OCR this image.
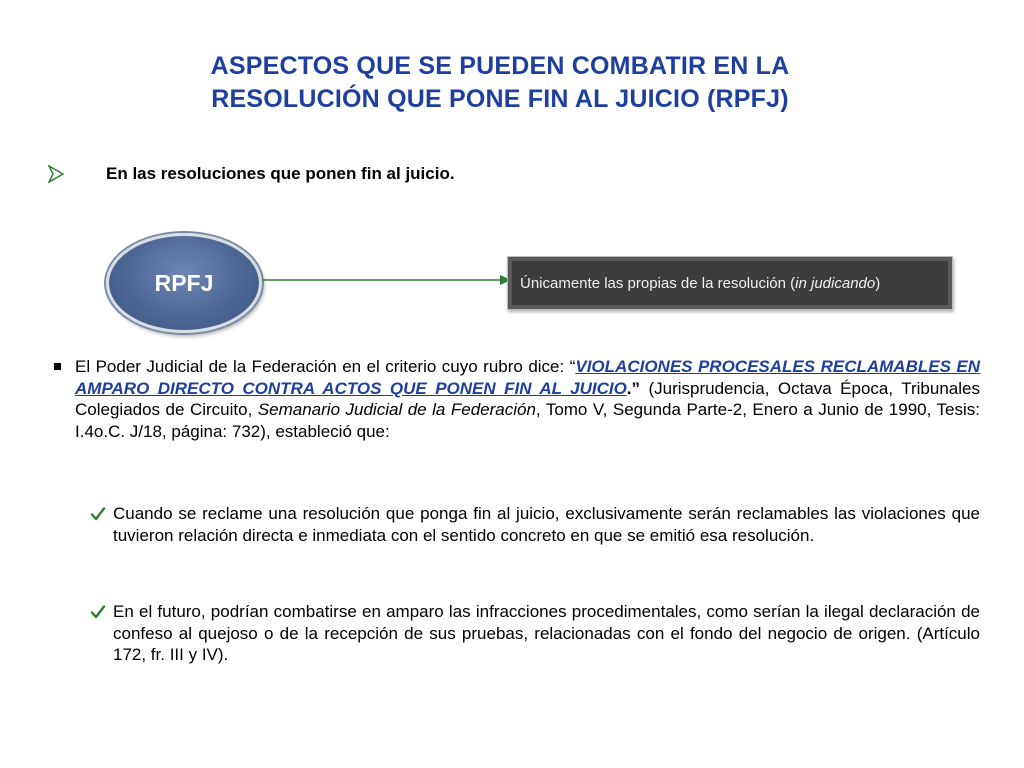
ASPECTOS QUE SE PUEDEN COMBATIR EN LA
RESOLUCIÓN QUE PONE FIN AL JUICIO (RPFJ)
En las resoluciones que ponen fin al juicio.
RPFJ	Únicamente las propias de la resolución (in judicando)
El Poder Judicial de la Federación en el criterio cuyo rubro dice: “VIOLACIONES PROCESALES RECLAMABLES EN AMPARO DIRECTO CONTRA ACTOS QUE PONEN FIN AL JUICIO.” (Jurisprudencia, Octava Época, Tribunales Colegiados de Circuito, Semanario Judicial de la Federación, Tomo V, Segunda Parte-2, Enero a Junio de 1990, Tesis: I.4o.C. J/18, página: 732), estableció que:
Cuando se reclame una resolución que ponga fin al juicio, exclusivamente serán reclamables las violaciones que tuvieron relación directa e inmediata con el sentido concreto en que se emitió esa resolución.
En el futuro, podrían combatirse en amparo las infracciones procedimentales, como serían la ilegal declaración de confeso al quejoso o de la recepción de sus pruebas, relacionadas con el fondo del negocio de origen. (Artículo 172, fr. III y IV).
